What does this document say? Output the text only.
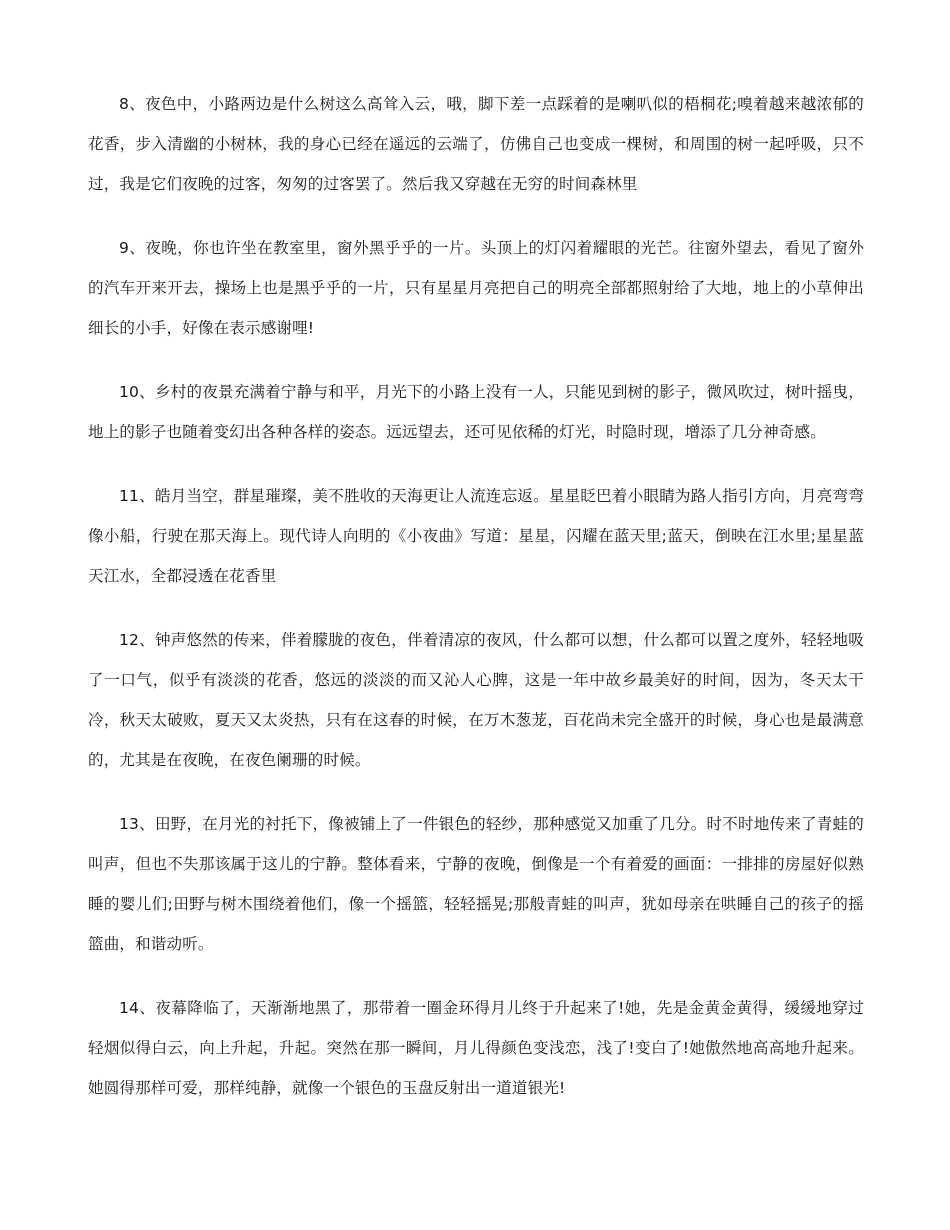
8、夜色中，小路两边是什么树这么高耸入云，哦，脚下差一点踩着的是喇叭似的梧桐花;嗅着越来越浓郁的花香，步入清幽的小树林，我的身心已经在遥远的云端了，仿佛自己也变成一棵树，和周围的树一起呼吸，只不过，我是它们夜晚的过客，匆匆的过客罢了。然后我又穿越在无穷的时间森林里

9、夜晚，你也许坐在教室里，窗外黑乎乎的一片。头顶上的灯闪着耀眼的光芒。往窗外望去，看见了窗外的汽车开来开去，操场上也是黑乎乎的一片，只有星星月亮把自己的明亮全部都照射给了大地，地上的小草伸出细长的小手，好像在表示感谢哩!

10、乡村的夜景充满着宁静与和平，月光下的小路上没有一人，只能见到树的影子，微风吹过，树叶摇曳，地上的影子也随着变幻出各种各样的姿态。远远望去，还可见依稀的灯光，时隐时现，增添了几分神奇感。

11、皓月当空，群星璀璨，美不胜收的天海更让人流连忘返。星星眨巴着小眼睛为路人指引方向，月亮弯弯像小船，行驶在那天海上。现代诗人向明的《小夜曲》写道：星星，闪耀在蓝天里;蓝天，倒映在江水里;星星蓝天江水，全都浸透在花香里

12、钟声悠然的传来，伴着朦胧的夜色，伴着清凉的夜风，什么都可以想，什么都可以置之度外，轻轻地吸了一口气，似乎有淡淡的花香，悠远的淡淡的而又沁人心脾，这是一年中故乡最美好的时间，因为，冬天太干冷，秋天太破败，夏天又太炎热，只有在这春的时候，在万木葱茏，百花尚未完全盛开的时候，身心也是最满意的，尤其是在夜晚，在夜色阑珊的时候。

13、田野，在月光的衬托下，像被铺上了一件银色的轻纱，那种感觉又加重了几分。时不时地传来了青蛙的叫声，但也不失那该属于这儿的宁静。整体看来，宁静的夜晚，倒像是一个有着爱的画面：一排排的房屋好似熟睡的婴儿们;田野与树木围绕着他们，像一个摇篮，轻轻摇晃;那般青蛙的叫声，犹如母亲在哄睡自己的孩子的摇篮曲，和谐动听。

14、夜幕降临了，天渐渐地黑了，那带着一圈金环得月儿终于升起来了!她，先是金黄金黄得，缓缓地穿过轻烟似得白云，向上升起，升起。突然在那一瞬间，月儿得颜色变浅恋，浅了!变白了!她傲然地高高地升起来。她圆得那样可爱，那样纯静，就像一个银色的玉盘反射出一道道银光!
